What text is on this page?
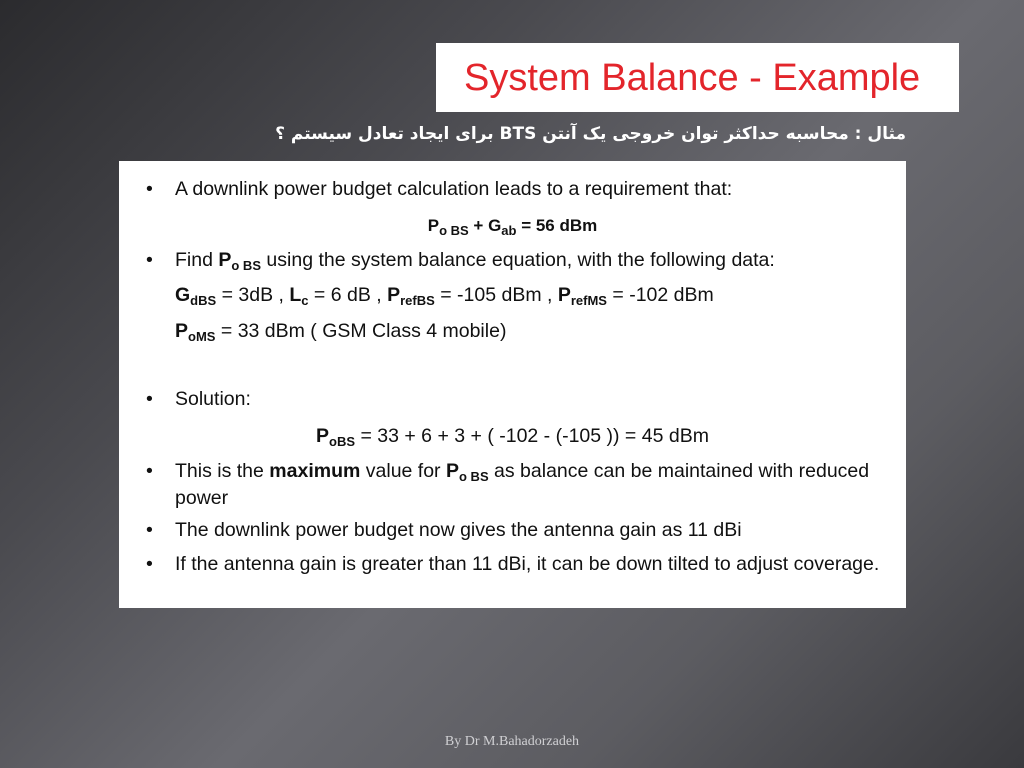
System Balance - Example
مثال : محاسبه حداکثر توان خروجی یک آنتن BTS برای ایجاد تعادل سیستم ؟
• A downlink power budget calculation leads to a requirement that:
$P_{o BS} + G_{ab} = 56$ dBm
• Find $P_{o BS}$ using the system balance equation, with the following data:
$G_{dBS} = 3dB$ , $L_c = 6$ dB , $P_{refBS} = -105$ dBm , $P_{refMS} = -102$ dBm
$P_{oMS} = 33$ dBm ( GSM Class 4 mobile)
• Solution:
$P_{oBS} = 33 + 6 + 3$ + ( -102 - (-105 )) = 45 dBm
• This is the maximum value for $P_{o BS}$ as balance can be maintained with reduced power
• The downlink power budget now gives the antenna gain as 11 dBi
• If the antenna gain is greater than 11 dBi, it can be down tilted to adjust coverage.
By Dr M.Bahadorzadeh
